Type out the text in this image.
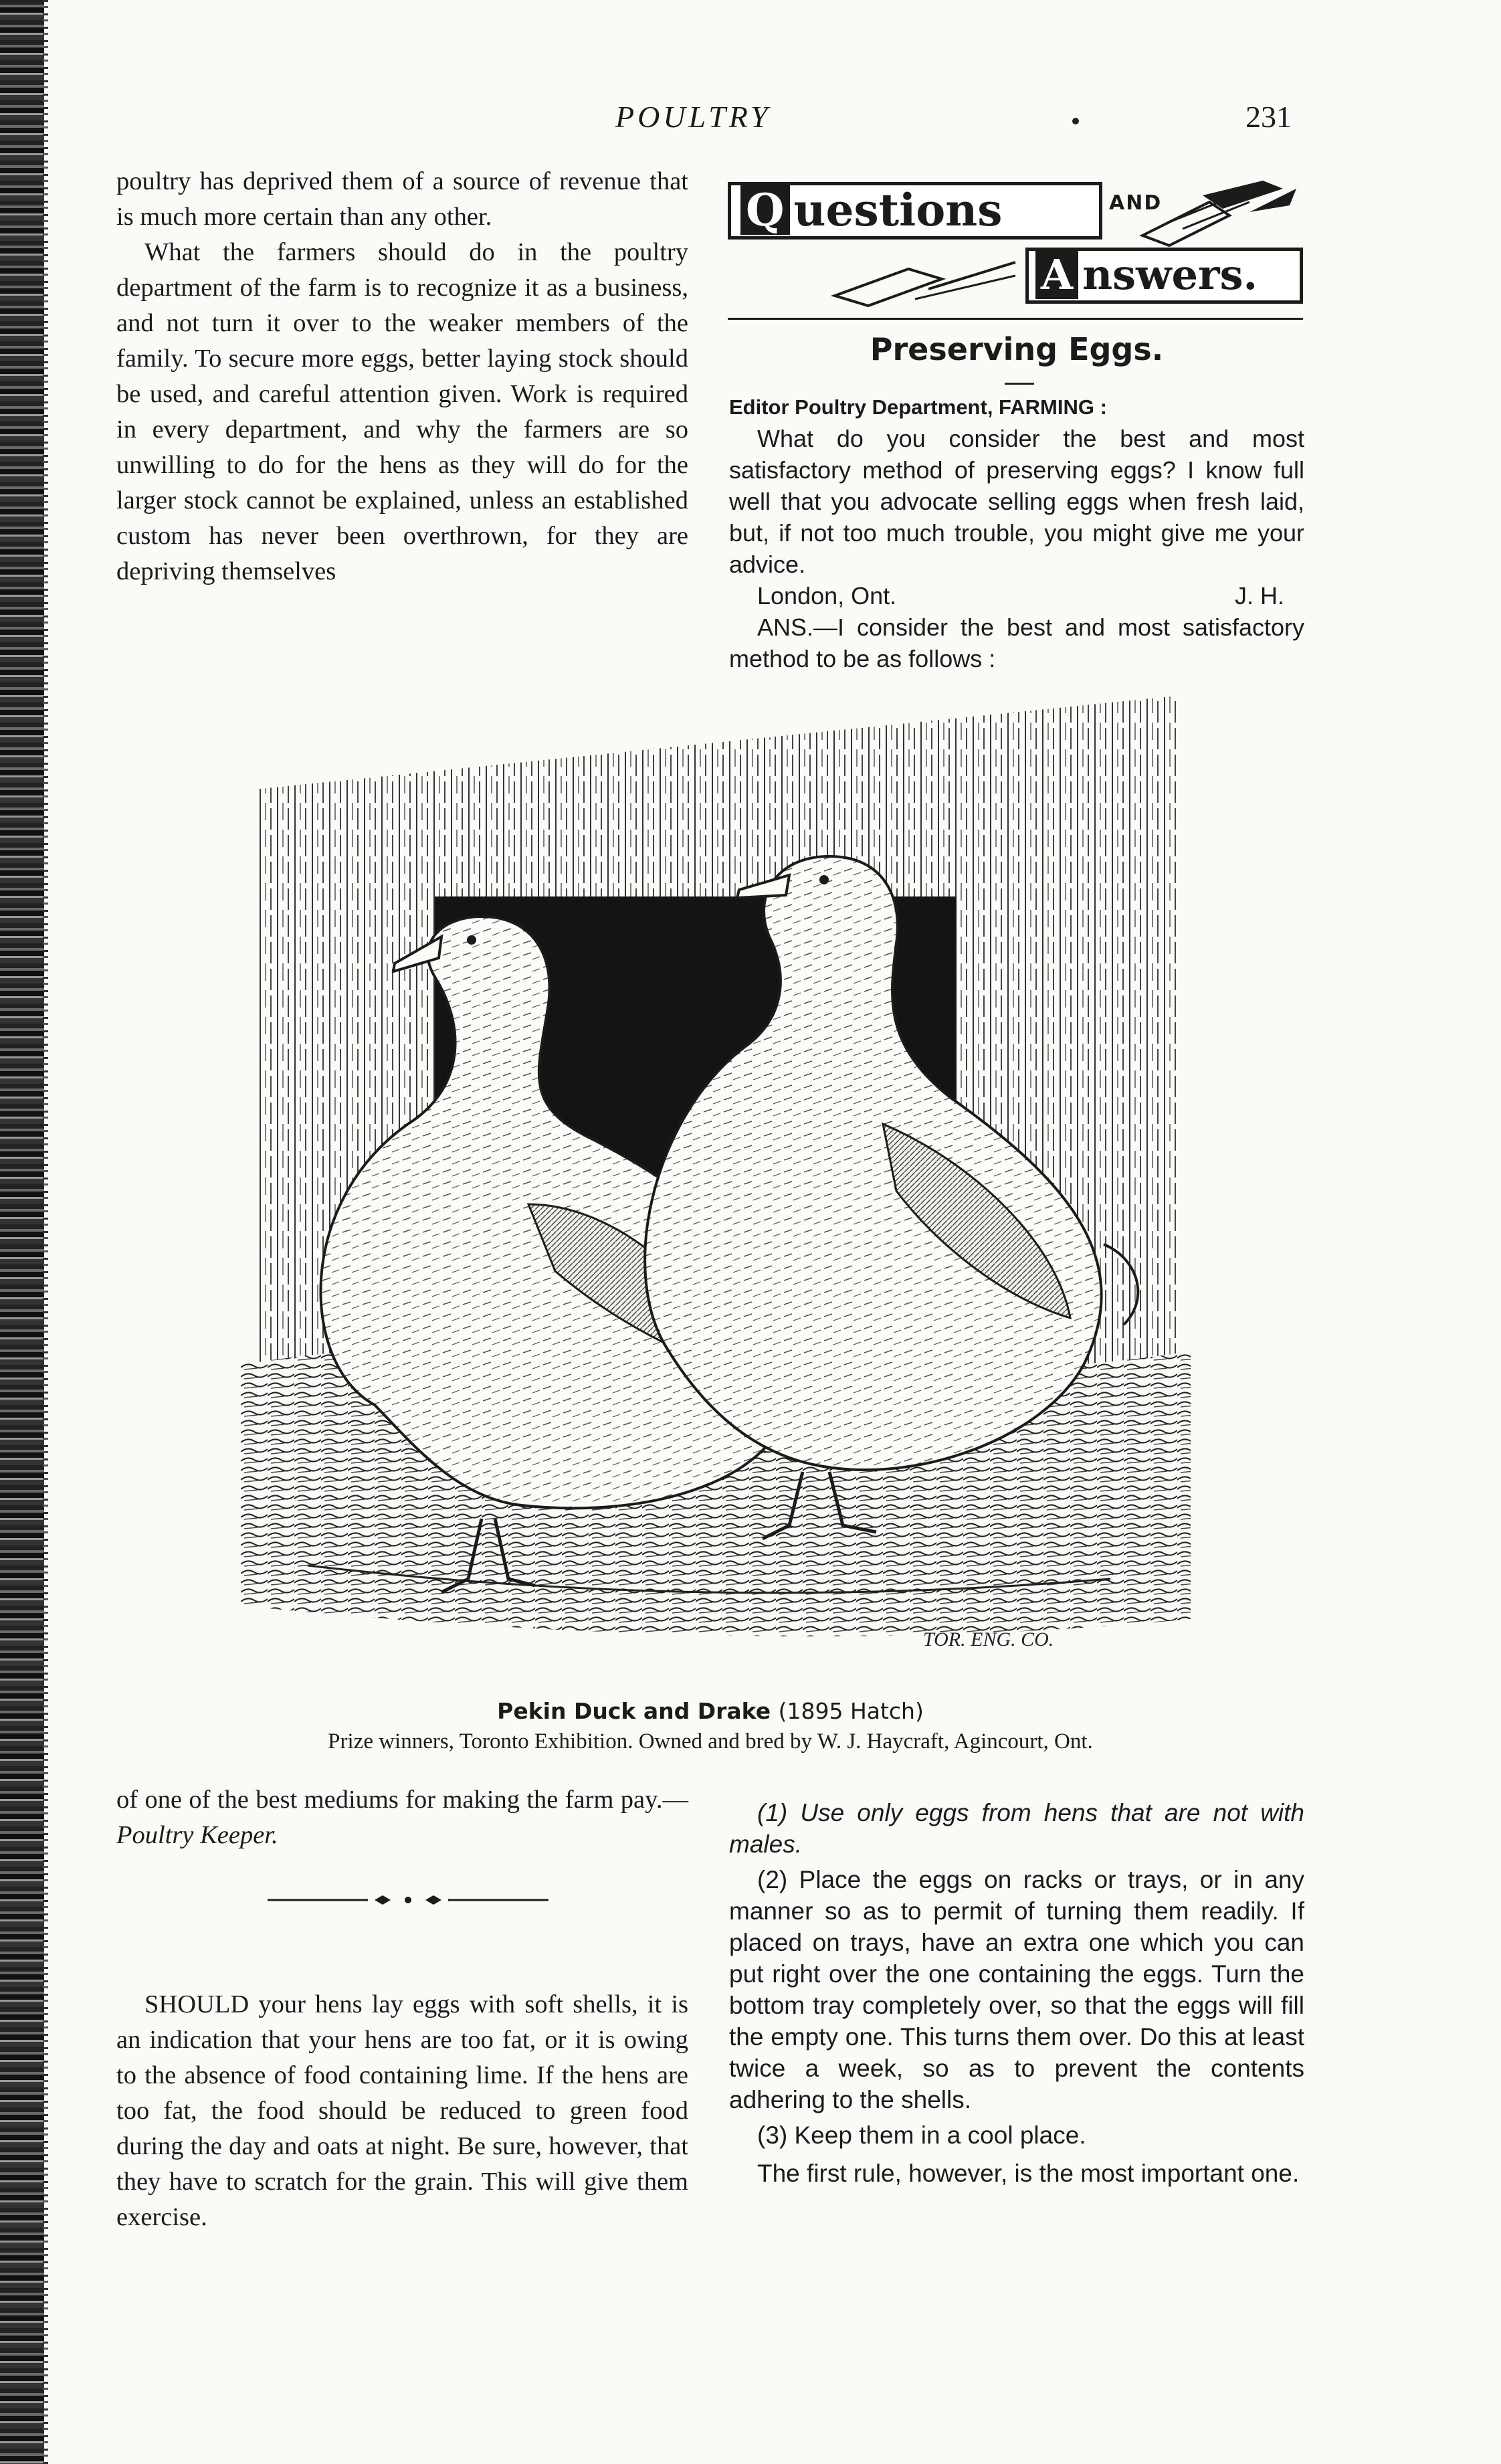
POULTRY	231

poultry has deprived them of a source of revenue that is much more certain than any other.

What the farmers should do in the poultry department of the farm is to recognize it as a business, and not turn it over to the weaker members of the family. To secure more eggs, better laying stock should be used, and careful attention given. Work is required in every department, and why the farmers are so unwilling to do for the hens as they will do for the larger stock cannot be explained, unless an established custom has never been overthrown, for they are depriving themselves

Q uestions	AND
A nswers.
Preserving Eggs.

Editor Poultry Department, FARMING :

What do you consider the best and most satisfactory method of preserving eggs? I know full well that you advocate selling eggs when fresh laid, but, if not too much trouble, you might give me your advice.

London, Ont.	J. H.

ANS.—I consider the best and most satisfactory method to be as follows :

TOR. ENG. CO.
Pekin Duck and Drake (1895 Hatch)
Prize winners, Toronto Exhibition. Owned and bred by W. J. Haycraft, Agincourt, Ont.

of one of the best mediums for making the farm pay.—Poultry Keeper.

SHOULD your hens lay eggs with soft shells, it is an indication that your hens are too fat, or it is owing to the absence of food containing lime. If the hens are too fat, the food should be reduced to green food during the day and oats at night. Be sure, however, that they have to scratch for the grain. This will give them exercise.

(1) Use only eggs from hens that are not with males.

(2) Place the eggs on racks or trays, or in any manner so as to permit of turning them readily. If placed on trays, have an extra one which you can put right over the one containing the eggs. Turn the bottom tray completely over, so that the eggs will fill the empty one. This turns them over. Do this at least twice a week, so as to prevent the contents adhering to the shells.

(3) Keep them in a cool place.

The first rule, however, is the most important one.
